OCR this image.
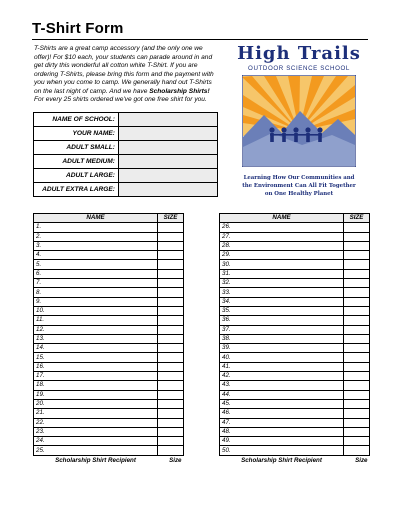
T-Shirt Form
T-Shirts are a great camp accessory (and the only one we offer)! For $10 each, your students can parade around in and get dirty this wonderful all cotton white T-Shirt. If you are ordering T-Shirts, please bring this form and the payment with you when you come to camp. We generally hand out T-Shirts on the last night of camp. And we have Scholarship Shirts! For every 25 shirts ordered we've got one free shirt for you.
High Trails
OUTDOOR SCIENCE SCHOOL
Learning How Our Communities and
the Environment Can All Fit Together
on One Healthy Planet
NAME OF SCHOOL:	
YOUR NAME:	
ADULT SMALL:	
ADULT MEDIUM:	
ADULT LARGE:	
ADULT EXTRA LARGE:	
NAME	SIZE
1.	
2.	
3.	
4.	
5.	
6.	
7.	
8.	
9.	
10.	
11.	
12.	
13.	
14.	
15.	
16.	
17.	
18.	
19.	
20.	
21.	
22.	
23.	
24.	
25.	
Scholarship Shirt Recipient	Size
NAME	SIZE
26.	
27.	
28.	
29.	
30.	
31.	
32.	
33.	
34.	
35.	
36.	
37.	
38.	
39.	
40.	
41.	
42.	
43.	
44.	
45.	
46.	
47.	
48.	
49.	
50.	
Scholarship Shirt Recipient	Size
